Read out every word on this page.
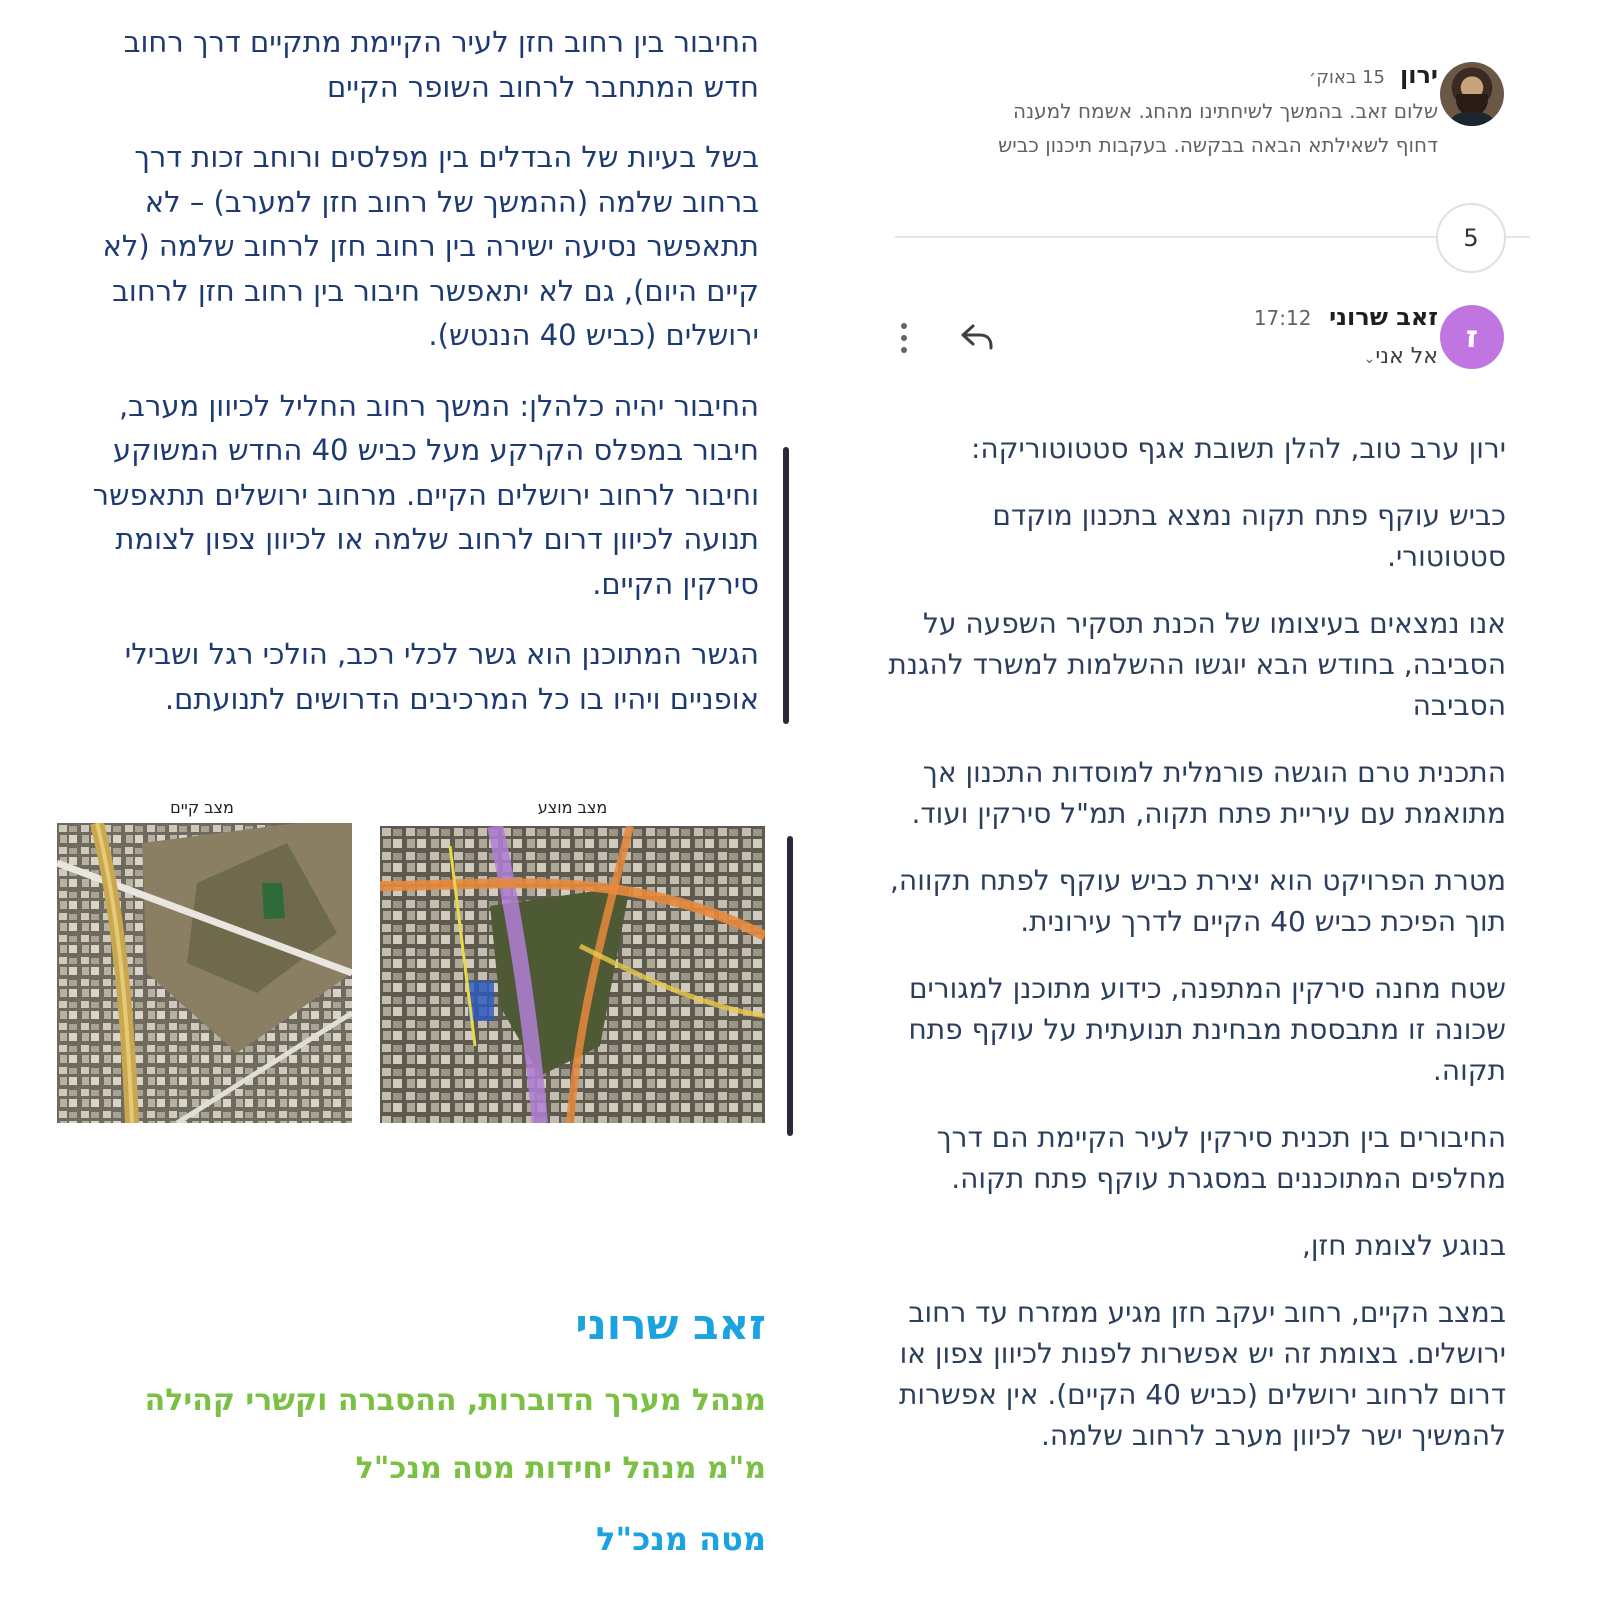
ירון 15 באוק׳
שלום זאב. בהמשך לשיחתינו מהחג. אשמח למענה
דחוף לשאילתא הבאה בבקשה. בעקבות תיכנון כביש
5
ז
זאב שרוני 17:12
אל אני⌄

ירון ערב טוב, להלן תשובת אגף סטטוטוריקה:

כביש עוקף פתח תקוה נמצא בתכנון מוקדם סטטוטורי.

אנו נמצאים בעיצומו של הכנת תסקיר השפעה על הסביבה, בחודש הבא יוגשו ההשלמות למשרד להגנת הסביבה

התכנית טרם הוגשה פורמלית למוסדות התכנון אך מתואמת עם עיריית פתח תקוה, תמ"ל סירקין ועוד.

מטרת הפרויקט הוא יצירת כביש עוקף לפתח תקווה, תוך הפיכת כביש 40 הקיים לדרך עירונית.

שטח מחנה סירקין המתפנה, כידוע מתוכנן למגורים שכונה זו מתבססת מבחינת תנועתית על עוקף פתח תקוה.

החיבורים בין תכנית סירקין לעיר הקיימת הם דרך מחלפים המתוכננים במסגרת עוקף פתח תקוה.

בנוגע לצומת חזן,

במצב הקיים, רחוב יעקב חזן מגיע ממזרח עד רחוב ירושלים. בצומת זה יש אפשרות לפנות לכיוון צפון או דרום לרחוב ירושלים (כביש 40 הקיים). אין אפשרות להמשיך ישר לכיוון מערב לרחוב שלמה.

החיבור בין רחוב חזן לעיר הקיימת מתקיים דרך רחוב חדש המתחבר לרחוב השופר הקיים

בשל בעיות של הבדלים בין מפלסים ורוחב זכות דרך ברחוב שלמה (ההמשך של רחוב חזן למערב) – לא תתאפשר נסיעה ישירה בין רחוב חזן לרחוב שלמה (לא קיים היום), גם לא יתאפשר חיבור בין רחוב חזן לרחוב ירושלים (כביש 40 הננטש).

החיבור יהיה כלהלן: המשך רחוב החליל לכיוון מערב, חיבור במפלס הקרקע מעל כביש 40 החדש המשוקע וחיבור לרחוב ירושלים הקיים. מרחוב ירושלים תתאפשר תנועה לכיוון דרום לרחוב שלמה או לכיוון צפון לצומת סירקין הקיים.

הגשר המתוכנן הוא גשר לכלי רכב, הולכי רגל ושבילי אופניים ויהיו בו כל המרכיבים הדרושים לתנועתם.

מצב קיים	מצב מוצע
זאב שרוני
מנהל מערך הדוברות, ההסברה וקשרי קהילה
מ"מ מנהל יחידות מטה מנכ"ל
מטה מנכ"ל
